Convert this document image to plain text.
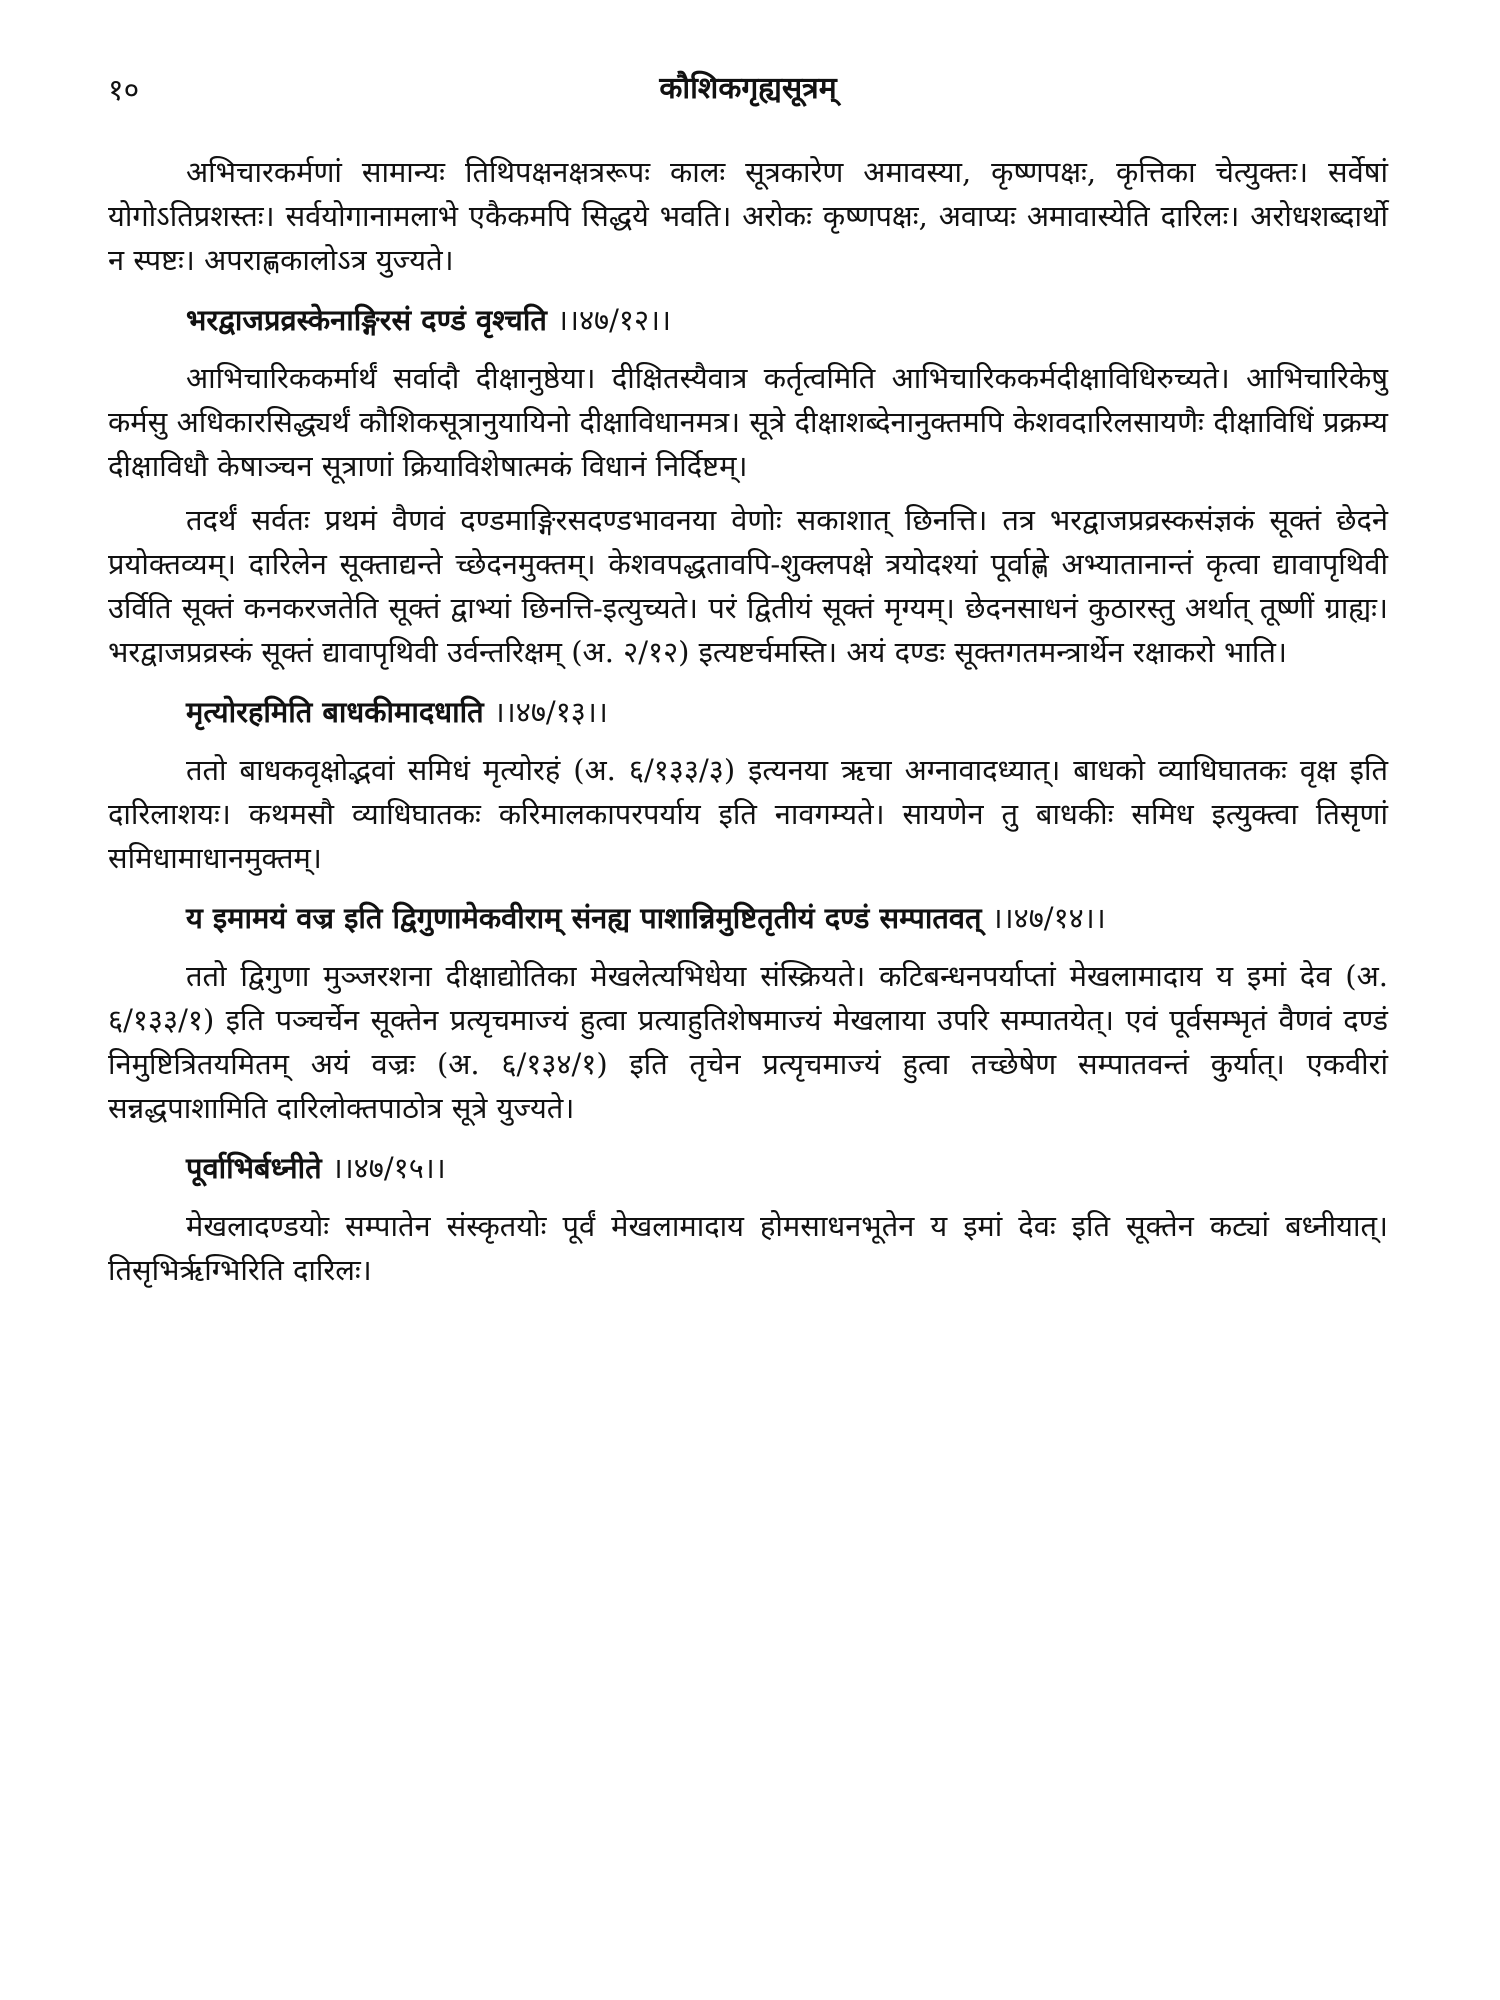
१०	कौशिकगृह्यसूत्रम्

अभिचारकर्मणां सामान्यः तिथिपक्षनक्षत्ररूपः कालः सूत्रकारेण अमावस्या, कृष्णपक्षः, कृत्तिका चेत्युक्तः। सर्वेषां योगोऽतिप्रशस्तः। सर्वयोगानामलाभे एकैकमपि सिद्धये भवति। अरोकः कृष्णपक्षः, अवाप्यः अमावास्येति दारिलः। अरोधशब्दार्थो न स्पष्टः। अपराह्णकालोऽत्र युज्यते।

भरद्वाजप्रव्रस्केनाङ्गिरसं दण्डं वृश्चति ।।४७/१२।।

आभिचारिककर्मार्थं सर्वादौ दीक्षानुष्ठेया। दीक्षितस्यैवात्र कर्तृत्वमिति आभिचारिककर्मदीक्षाविधिरुच्यते। आभिचारिकेषु कर्मसु अधिकारसिद्ध्यर्थं कौशिकसूत्रानुयायिनो दीक्षाविधानमत्र। सूत्रे दीक्षाशब्देनानुक्तमपि केशवदारिलसायणैः दीक्षाविधिं प्रक्रम्य दीक्षाविधौ केषाञ्चन सूत्राणां क्रियाविशेषात्मकं विधानं निर्दिष्टम्।

तदर्थं सर्वतः प्रथमं वैणवं दण्डमाङ्गिरसदण्डभावनया वेणोः सकाशात् छिनत्ति। तत्र भरद्वाजप्रव्रस्कसंज्ञकं सूक्तं छेदने प्रयोक्तव्यम्। दारिलेन सूक्ताद्यन्ते च्छेदनमुक्तम्। केशवपद्धतावपि-शुक्लपक्षे त्रयोदश्यां पूर्वाह्णे अभ्यातानान्तं कृत्वा द्यावापृथिवी उर्विति सूक्तं कनकरजतेति सूक्तं द्वाभ्यां छिनत्ति-इत्युच्यते। परं द्वितीयं सूक्तं मृग्यम्। छेदनसाधनं कुठारस्तु अर्थात् तूष्णीं ग्राह्यः। भरद्वाजप्रव्रस्कं सूक्तं द्यावापृथिवी उर्वन्तरिक्षम् (अ. २/१२) इत्यष्टर्चमस्ति। अयं दण्डः सूक्तगतमन्त्रार्थेन रक्षाकरो भाति।

मृत्योरहमिति बाधकीमादधाति ।।४७/१३।।

ततो बाधकवृक्षोद्भवां समिधं मृत्योरहं (अ. ६/१३३/३) इत्यनया ऋचा अग्नावादध्यात्। बाधको व्याधिघातकः वृक्ष इति दारिलाशयः। कथमसौ व्याधिघातकः करिमालकापरपर्याय इति नावगम्यते। सायणेन तु बाधकीः समिध इत्युक्त्वा तिसृणां समिधामाधानमुक्तम्।

य इमामयं वज्र इति द्विगुणामेकवीराम् संनह्य पाशान्निमुष्टितृतीयं दण्डं सम्पातवत् ।।४७/१४।।

ततो द्विगुणा मुञ्जरशना दीक्षाद्योतिका मेखलेत्यभिधेया संस्क्रियते। कटिबन्धनपर्याप्तां मेखलामादाय य इमां देव (अ. ६/१३३/१) इति पञ्चर्चेन सूक्तेन प्रत्यृचमाज्यं हुत्वा प्रत्याहुतिशेषमाज्यं मेखलाया उपरि सम्पातयेत्। एवं पूर्वसम्भृतं वैणवं दण्डं निमुष्टित्रितयमितम् अयं वज्रः (अ. ६/१३४/१) इति तृचेन प्रत्यृचमाज्यं हुत्वा तच्छेषेण सम्पातवन्तं कुर्यात्। एकवीरां सन्नद्धपाशामिति दारिलोक्तपाठोत्र सूत्रे युज्यते।

पूर्वाभिर्बध्नीते ।।४७/१५।।

मेखलादण्डयोः सम्पातेन संस्कृतयोः पूर्वं मेखलामादाय होमसाधनभूतेन य इमां देवः इति सूक्तेन कट्यां बध्नीयात्। तिसृभिर्ऋग्भिरिति दारिलः।
